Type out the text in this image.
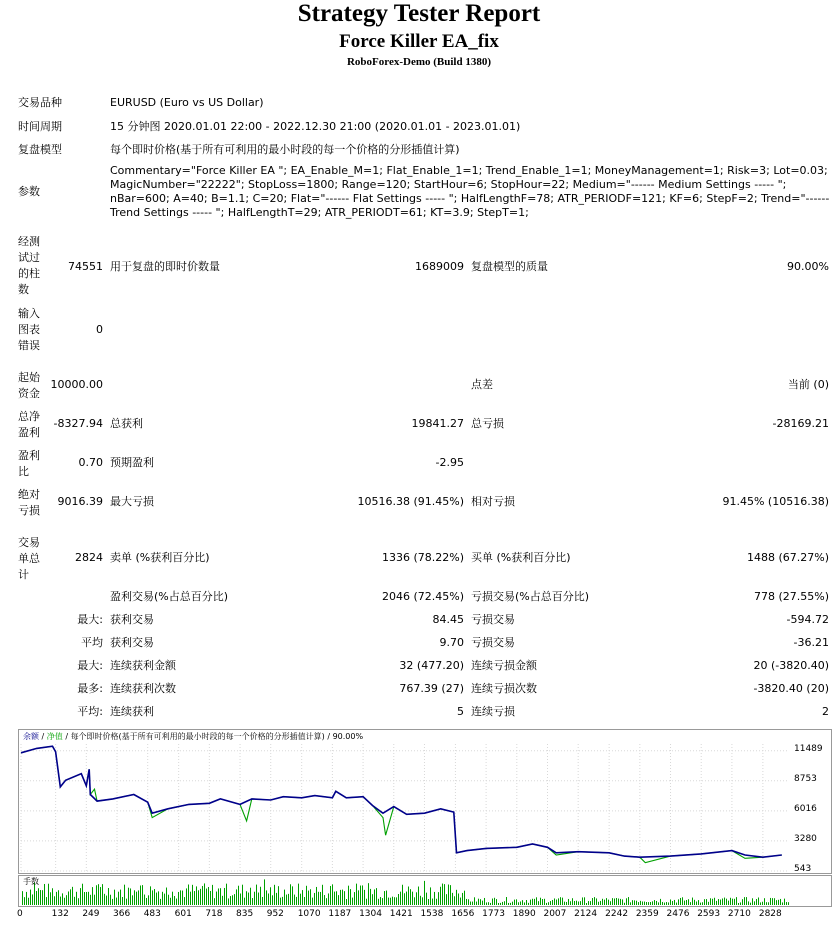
Strategy Tester Report
Force Killer EA_fix
RoboForex-Demo (Build 1380)
交易品种	EURUSD (Euro vs US Dollar)
时间周期	15 分钟图 2020.01.01 22:00 - 2022.12.30 21:00 (2020.01.01 - 2023.01.01)
复盘模型	每个即时价格(基于所有可利用的最小时段的每一个价格的分形插值计算)
参数
Commentary="Force Killer EA "; EA_Enable_M=1; Flat_Enable_1=1; Trend_Enable_1=1; MoneyManagement=1; Risk=3; Lot=0.03; MagicNumber="22222"; StopLoss=1800; Range=120; StartHour=6; StopHour=22; Medium="------ Medium Settings ----- "; nBar=600; A=40; B=1.1; C=20; Flat="------ Flat Settings ----- "; HalfLengthF=78; ATR_PERIODF=121; KF=6; StepF=2; Trend="------ Trend Settings ----- "; HalfLengthT=29; ATR_PERIODT=61; KT=3.9; StepT=1;
经测试过的柱数
74551 用于复盘的即时价数量	1689009 复盘模型的质量	90.00%
输入图表错误
0
起始资金
10000.00	点差	当前 (0)
总净盈利
-8327.94 总获利	19841.27 总亏损	-28169.21
盈利比
0.70 预期盈利	-2.95
绝对亏损
9016.39 最大亏损	10516.38 (91.45%) 相对亏损	91.45% (10516.38)
交易单总计
2824 卖单 (%获利百分比)	1336 (78.22%) 买单 (%获利百分比)	1488 (67.27%)
盈利交易(%占总百分比)	2046 (72.45%) 亏损交易(%占总百分比)	778 (27.55%)
最大: 获利交易	84.45 亏损交易	-594.72
平均 获利交易	9.70 亏损交易	-36.21
最大: 连续获利金额	32 (477.20) 连续亏损金额	20 (-3820.40)
最多: 连续获利次数	767.39 (27) 连续亏损次数	-3820.40 (20)
平均: 连续获利	5 连续亏损	2
余额 / 净值 / 每个即时价格(基于所有可利用的最小时段的每一个价格的分形插值计算) / 90.00%
11489
8753
6016
3280
543
手数
0	132 249 366 483 601 718 835 952 1070 1187 1304 1421 1538 1656 1773 1890 2007 2124 2242 2359 2476 2593 2710 2828
